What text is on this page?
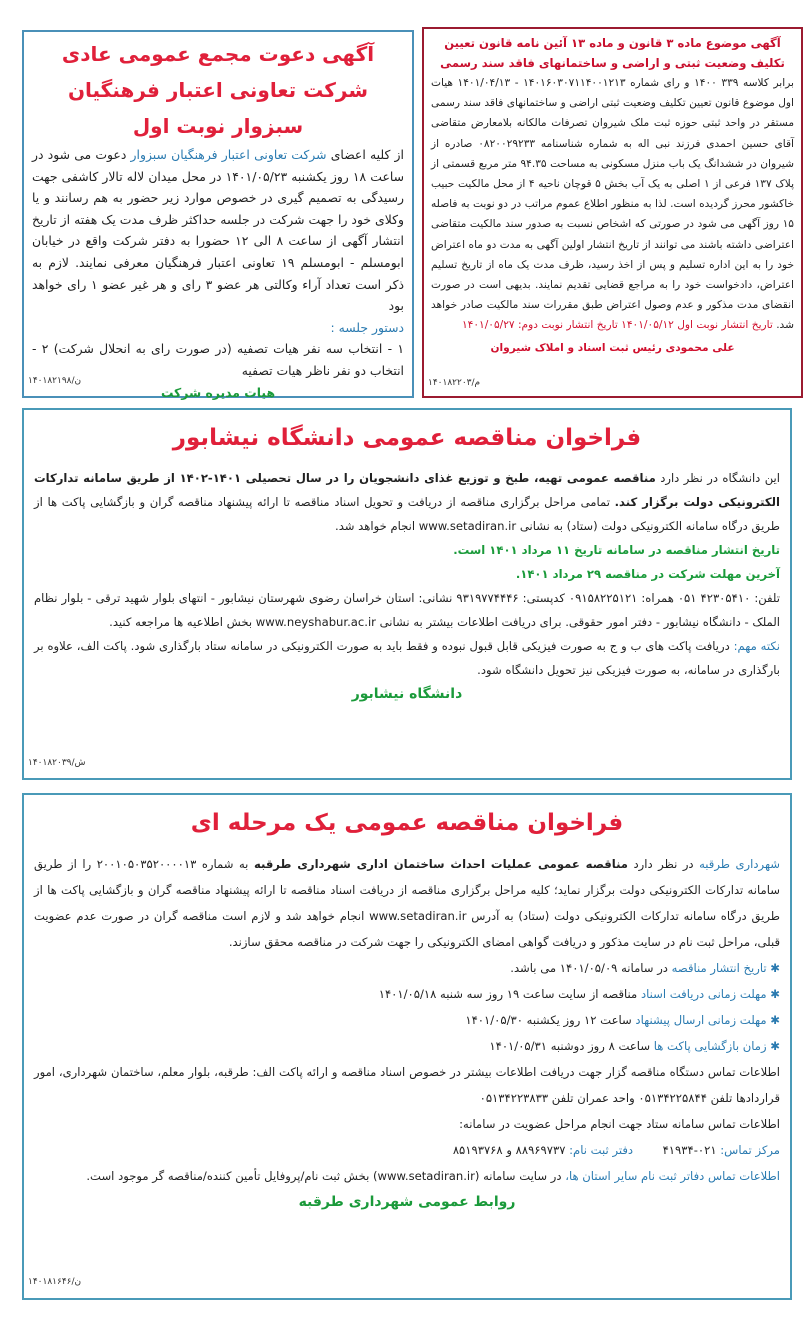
آگهی موضوع ماده ۳ قانون و ماده ۱۳ آئین نامه قانون تعیین تکلیف وضعیت ثبتی و اراضی و ساختمانهای فاقد سند رسمی

برابر کلاسه ۳۳۹ ۱۴۰۰ و رای شماره ۱۴۰۱۶۰۳۰۷۱۱۴۰۰۱۲۱۳ - ۱۴۰۱/۰۴/۱۳ هیات اول موضوع قانون تعیین تکلیف وضعیت ثبتی اراضی و ساختمانهای فاقد سند رسمی مستقر در واحد ثبتی حوزه ثبت ملک شیروان تصرفات مالکانه بلامعارض متقاضی آقای حسین احمدی فرزند نبی اله به شماره شناسنامه ۰۸۲۰۰۲۹۲۳۳ صادره از شیروان در ششدانگ یک باب منزل مسکونی به مساحت ۹۴.۳۵ متر مربع قسمتی از پلاک ۱۳۷ فرعی از ۱ اصلی به یک آب بخش ۵ قوچان ناحیه ۴ از محل مالکیت حبیب خاکشور محرز گردیده است. لذا به منظور اطلاع عموم مراتب در دو نوبت به فاصله ۱۵ روز آگهی می شود در صورتی که اشخاص نسبت به صدور سند مالکیت متقاضی اعتراضی داشته باشند می توانند از تاریخ انتشار اولین آگهی به مدت دو ماه اعتراض خود را به این اداره تسلیم و پس از اخذ رسید، ظرف مدت یک ماه از تاریخ تسلیم اعتراض، دادخواست خود را به مراجع قضایی تقدیم نمایند. بدیهی است در صورت انقضای مدت مذکور و عدم وصول اعتراض طبق مقررات سند مالکیت صادر خواهد شد. تاریخ انتشار نوبت اول ۱۴۰۱/۰۵/۱۲ تاریخ انتشار نوبت دوم: ۱۴۰۱/۰۵/۲۷

علی محمودی رئیس ثبت اسناد و املاک شیروان
۱۴۰۱۸۲۲۰۳/م
آگهی دعوت مجمع عمومی عادی شرکت تعاونی اعتبار فرهنگیان سبزوار نوبت اول

از کلیه اعضای شرکت تعاونی اعتبار فرهنگیان سبزوار دعوت می شود در ساعت ۱۸ روز یکشنبه ۱۴۰۱/۰۵/۲۳ در محل میدان لاله تالار کاشفی جهت رسیدگی به تصمیم گیری در خصوص موارد زیر حضور به هم رسانند و یا وکلای خود را جهت شرکت در جلسه حداکثر ظرف مدت یک هفته از تاریخ انتشار آگهی از ساعت ۸ الی ۱۲ حضورا به دفتر شرکت واقع در خیابان ابومسلم - ابومسلم ۱۹ تعاونی اعتبار فرهنگیان معرفی نمایند. لازم به ذکر است تعداد آراء وکالتی هر عضو ۳ رای و هر غیر عضو ۱ رای خواهد بود

دستور جلسه :

۱ - انتخاب سه نفر هیات تصفیه (در صورت رای به انحلال شرکت) ۲ - انتخاب دو نفر ناظر هیات تصفیه

هیات مدیره شرکت
ن/۱۴۰۱۸۲۱۹۸
فراخوان مناقصه عمومی دانشگاه نیشابور

این دانشگاه در نظر دارد مناقصه عمومی تهیه، طبخ و توزیع غذای دانشجویان را در سال تحصیلی ۱۴۰۱-۱۴۰۲ از طریق سامانه تدارکات الکترونیکی دولت برگزار کند. تمامی مراحل برگزاری مناقصه از دریافت و تحویل اسناد مناقصه تا ارائه پیشنهاد مناقصه گران و بازگشایی پاکت ها از طریق درگاه سامانه الکترونیکی دولت (ستاد) به نشانی www.setadiran.ir انجام خواهد شد.

تاریخ انتشار مناقصه در سامانه تاریخ ۱۱ مرداد ۱۴۰۱ است.

آخرین مهلت شرکت در مناقصه ۲۹ مرداد ۱۴۰۱.

تلفن: ۴۲۳۰۵۴۱۰ ۰۵۱ همراه: ۰۹۱۵۸۲۲۵۱۲۱ کدپستی: ۹۳۱۹۷۷۴۴۴۶ نشانی: استان خراسان رضوی شهرستان نیشابور - انتهای بلوار شهید ترقی - بلوار نظام الملک - دانشگاه نیشابور - دفتر امور حقوقی. برای دریافت اطلاعات بیشتر به نشانی www.neyshabur.ac.ir بخش اطلاعیه ها مراجعه کنید.

نکته مهم: دریافت پاکت های ب و ج به صورت فیزیکی قابل قبول نبوده و فقط باید به صورت الکترونیکی در سامانه ستاد بارگذاری شود. پاکت الف، علاوه بر بارگذاری در سامانه، به صورت فیزیکی نیز تحویل دانشگاه شود.

دانشگاه نیشابور
ش/۱۴۰۱۸۲۰۳۹
فراخوان مناقصه عمومی یک مرحله ای

شهرداری طرقبه در نظر دارد مناقصه عمومی عملیات احداث ساختمان اداری شهرداری طرقبه به شماره ۲۰۰۱۰۵۰۳۵۲۰۰۰۰۱۳ را از طریق سامانه تدارکات الکترونیکی دولت برگزار نماید؛ کلیه مراحل برگزاری مناقصه از دریافت اسناد مناقصه تا ارائه پیشنهاد مناقصه گران و بازگشایی پاکت ها از طریق درگاه سامانه تدارکات الکترونیکی دولت (ستاد) به آدرس www.setadiran.ir انجام خواهد شد و لازم است مناقصه گران در صورت عدم عضویت قبلی، مراحل ثبت نام در سایت مذکور و دریافت گواهی امضای الکترونیکی را جهت شرکت در مناقصه محقق سازند.

✱ تاریخ انتشار مناقصه در سامانه ۱۴۰۱/۰۵/۰۹ می باشد.

✱ مهلت زمانی دریافت اسناد مناقصه از سایت ساعت ۱۹ روز سه شنبه ۱۴۰۱/۰۵/۱۸

✱ مهلت زمانی ارسال پیشنهاد ساعت ۱۲ روز یکشنبه ۱۴۰۱/۰۵/۳۰

✱ زمان بازگشایی پاکت ها ساعت ۸ روز دوشنبه ۱۴۰۱/۰۵/۳۱

اطلاعات تماس دستگاه مناقصه گزار جهت دریافت اطلاعات بیشتر در خصوص اسناد مناقصه و ارائه پاکت الف: طرقبه، بلوار معلم، ساختمان شهرداری، امور قراردادها تلفن ۰۵۱۳۴۲۲۵۸۴۴ واحد عمران تلفن ۰۵۱۳۴۲۲۳۸۳۳

اطلاعات تماس سامانه ستاد جهت انجام مراحل عضویت در سامانه:

مرکز تماس: ۰۲۱-۴۱۹۳۴        دفتر ثبت نام: ۸۸۹۶۹۷۳۷ و ۸۵۱۹۳۷۶۸

اطلاعات تماس دفاتر ثبت نام سایر استان ها، در سایت سامانه (www.setadiran.ir) بخش ثبت نام/پروفایل تأمین کننده/مناقصه گر موجود است.

روابط عمومی شهرداری طرقبه
ن/۱۴۰۱۸۱۶۴۶
